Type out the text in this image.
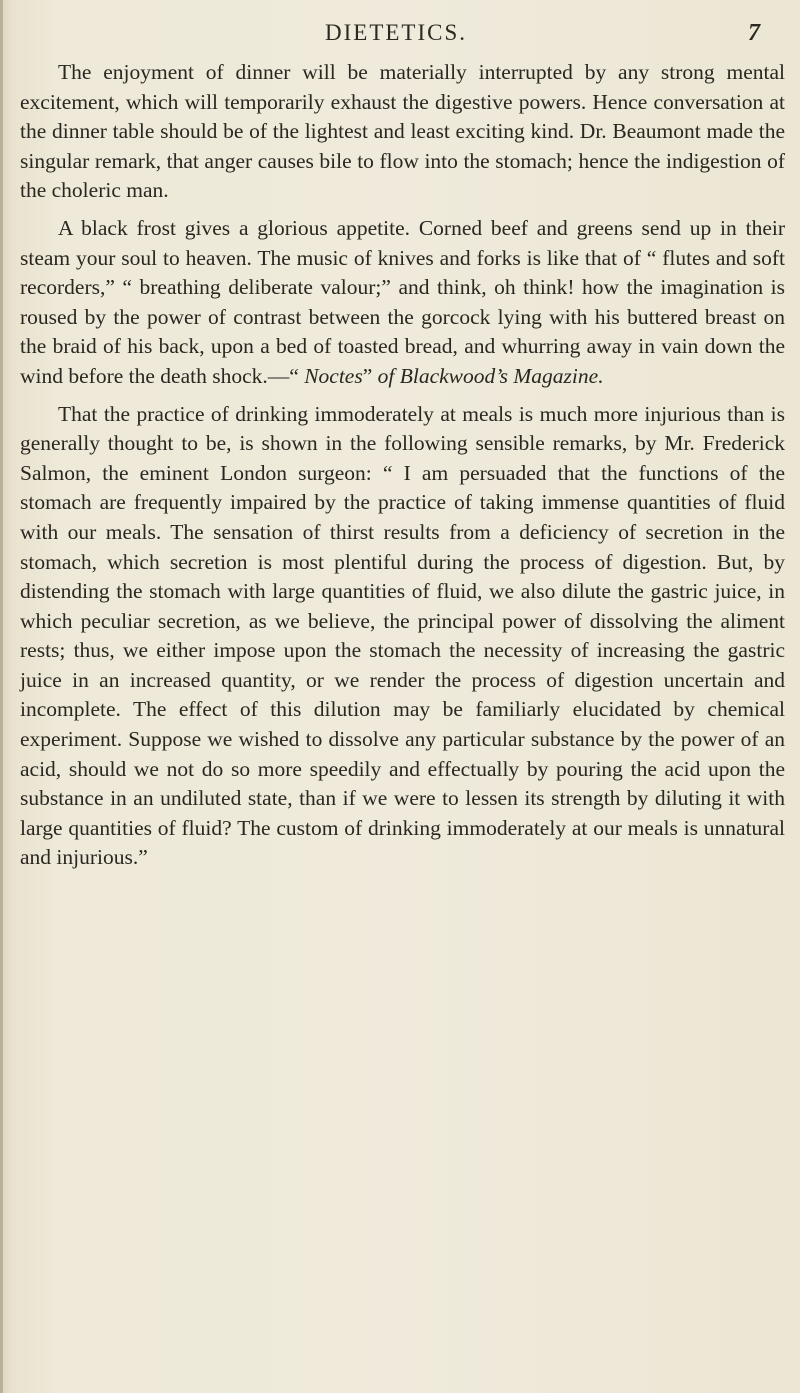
DIETETICS.	7

The enjoyment of dinner will be materially interrupted by any strong mental excitement, which will temporarily exhaust the digestive powers. Hence conversation at the dinner table should be of the lightest and least exciting kind. Dr. Beaumont made the singular remark, that anger causes bile to flow into the stomach; hence the indigestion of the choleric man.

A black frost gives a glorious appetite. Corned beef and greens send up in their steam your soul to heaven. The music of knives and forks is like that of “ flutes and soft recorders,” “ breathing deliberate valour;” and think, oh think! how the imagination is roused by the power of contrast between the gorcock lying with his buttered breast on the braid of his back, upon a bed of toasted bread, and whurring away in vain down the wind before the death shock.—“ Noctes” of Blackwood’s Magazine.

That the practice of drinking immoderately at meals is much more injurious than is generally thought to be, is shown in the following sensible remarks, by Mr. Frederick Salmon, the eminent London surgeon: “ I am persuaded that the functions of the stomach are frequently impaired by the practice of taking immense quantities of fluid with our meals. The sensation of thirst results from a deficiency of secretion in the stomach, which secretion is most plentiful during the process of digestion. But, by distending the stomach with large quantities of fluid, we also dilute the gastric juice, in which peculiar secretion, as we believe, the principal power of dissolving the aliment rests; thus, we either impose upon the stomach the necessity of increasing the gastric juice in an increased quantity, or we render the process of digestion uncertain and incomplete. The effect of this dilution may be familiarly elucidated by chemical experiment. Suppose we wished to dissolve any particular substance by the power of an acid, should we not do so more speedily and effectually by pouring the acid upon the substance in an undiluted state, than if we were to lessen its strength by diluting it with large quantities of fluid? The custom of drinking immoderately at our meals is unnatural and injurious.”
